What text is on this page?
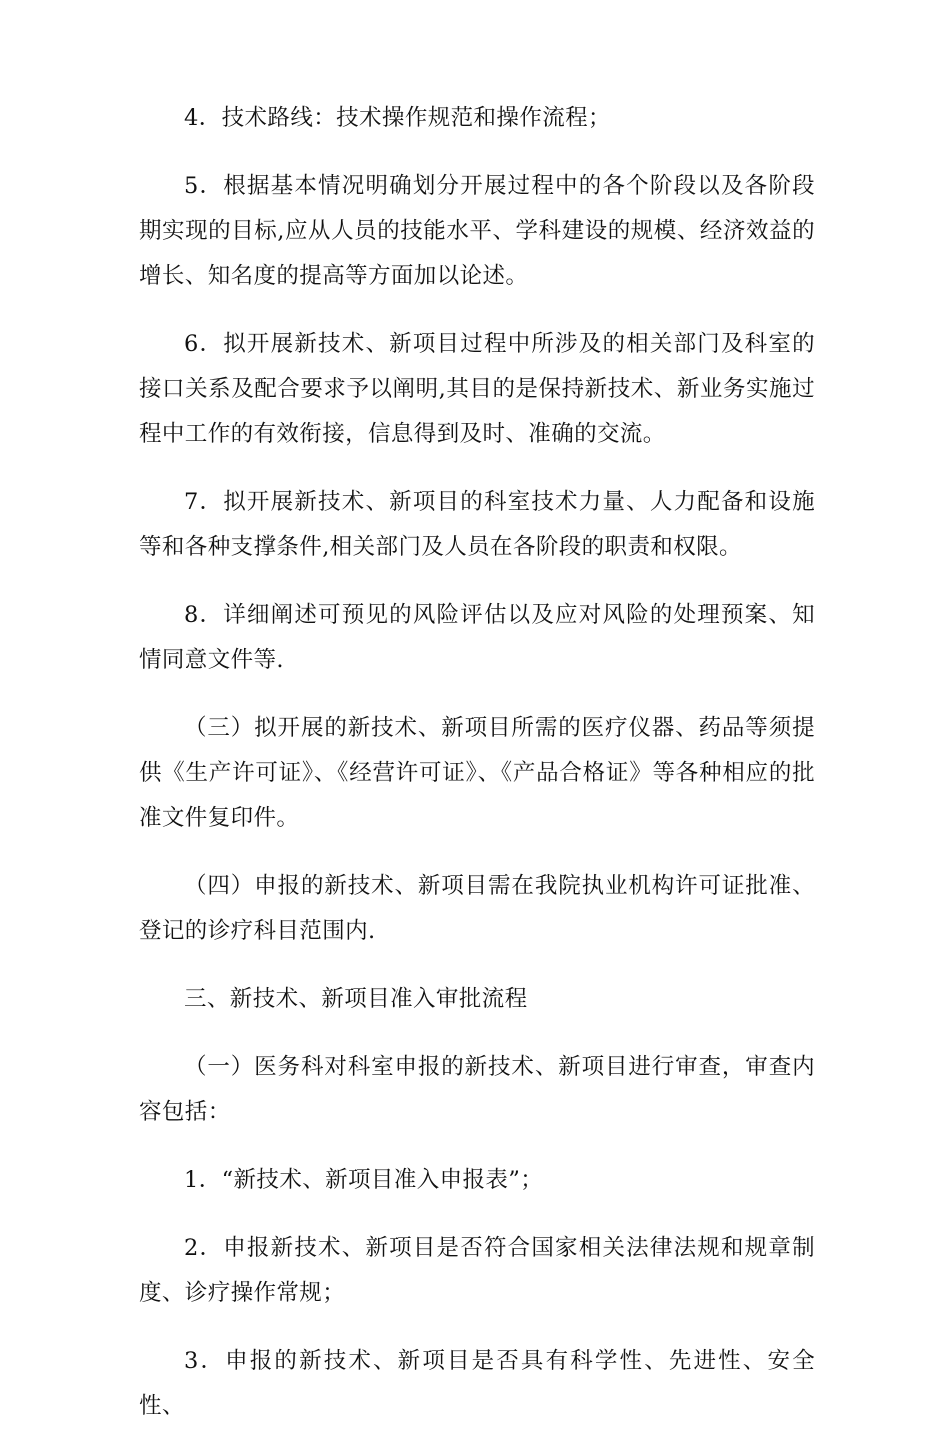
4．技术路线：技术操作规范和操作流程；

5．根据基本情况明确划分开展过程中的各个阶段以及各阶段期实现的目标,应从人员的技能水平、学科建设的规模、经济效益的增长、知名度的提高等方面加以论述。

6．拟开展新技术、新项目过程中所涉及的相关部门及科室的接口关系及配合要求予以阐明,其目的是保持新技术、新业务实施过程中工作的有效衔接，信息得到及时、准确的交流。

7．拟开展新技术、新项目的科室技术力量、人力配备和设施等和各种支撑条件,相关部门及人员在各阶段的职责和权限。

8．详细阐述可预见的风险评估以及应对风险的处理预案、知情同意文件等.

（三）拟开展的新技术、新项目所需的医疗仪器、药品等须提供《生产许可证》、《经营许可证》、《产品合格证》等各种相应的批准文件复印件。

（四）申报的新技术、新项目需在我院执业机构许可证批准、登记的诊疗科目范围内.

三、新技术、新项目准入审批流程

（一）医务科对科室申报的新技术、新项目进行审查，审查内容包括：

1．“新技术、新项目准入申报表”；

2．申报新技术、新项目是否符合国家相关法律法规和规章制度、诊疗操作常规；

3．申报的新技术、新项目是否具有科学性、先进性、安全性、
